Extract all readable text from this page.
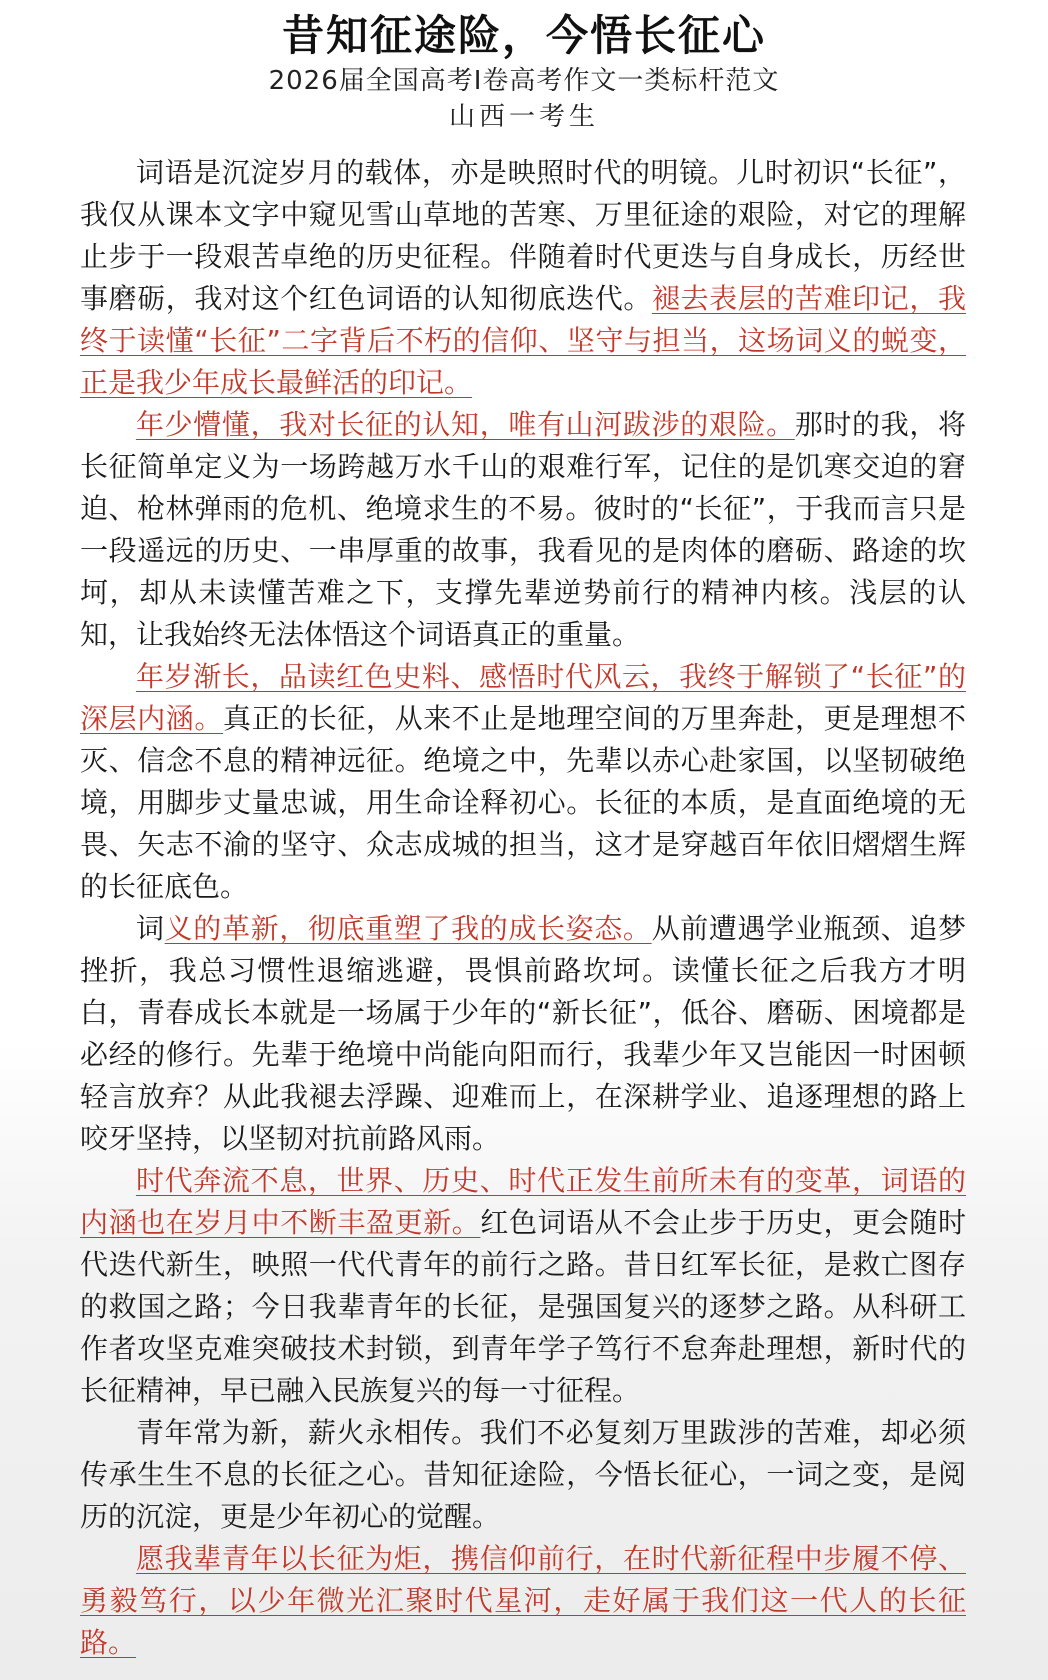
昔知征途险，今悟长征心
2026届全国高考I卷高考作文一类标杆范文
山西一考生

词语是沉淀岁月的载体，亦是映照时代的明镜。儿时初识“长征”，我仅从课本文字中窥见雪山草地的苦寒、万里征途的艰险，对它的理解止步于一段艰苦卓绝的历史征程。伴随着时代更迭与自身成长，历经世事磨砺，我对这个红色词语的认知彻底迭代。褪去表层的苦难印记，我终于读懂“长征”二字背后不朽的信仰、坚守与担当，这场词义的蜕变，正是我少年成长最鲜活的印记。

年少懵懂，我对长征的认知，唯有山河跋涉的艰险。那时的我，将长征简单定义为一场跨越万水千山的艰难行军，记住的是饥寒交迫的窘迫、枪林弹雨的危机、绝境求生的不易。彼时的“长征”，于我而言只是一段遥远的历史、一串厚重的故事，我看见的是肉体的磨砺、路途的坎坷，却从未读懂苦难之下，支撑先辈逆势前行的精神内核。浅层的认知，让我始终无法体悟这个词语真正的重量。

年岁渐长，品读红色史料、感悟时代风云，我终于解锁了“长征”的深层内涵。真正的长征，从来不止是地理空间的万里奔赴，更是理想不灭、信念不息的精神远征。绝境之中，先辈以赤心赴家国，以坚韧破绝境，用脚步丈量忠诚，用生命诠释初心。长征的本质，是直面绝境的无畏、矢志不渝的坚守、众志成城的担当，这才是穿越百年依旧熠熠生辉的长征底色。

词义的革新，彻底重塑了我的成长姿态。从前遭遇学业瓶颈、追梦挫折，我总习惯性退缩逃避，畏惧前路坎坷。读懂长征之后我方才明白，青春成长本就是一场属于少年的“新长征”，低谷、磨砺、困境都是必经的修行。先辈于绝境中尚能向阳而行，我辈少年又岂能因一时困顿轻言放弃？从此我褪去浮躁、迎难而上，在深耕学业、追逐理想的路上咬牙坚持，以坚韧对抗前路风雨。

时代奔流不息，世界、历史、时代正发生前所未有的变革，词语的内涵也在岁月中不断丰盈更新。红色词语从不会止步于历史，更会随时代迭代新生，映照一代代青年的前行之路。昔日红军长征，是救亡图存的救国之路；今日我辈青年的长征，是强国复兴的逐梦之路。从科研工作者攻坚克难突破技术封锁，到青年学子笃行不怠奔赴理想，新时代的长征精神，早已融入民族复兴的每一寸征程。

青年常为新，薪火永相传。我们不必复刻万里跋涉的苦难，却必须传承生生不息的长征之心。昔知征途险，今悟长征心，一词之变，是阅历的沉淀，更是少年初心的觉醒。

愿我辈青年以长征为炬，携信仰前行，在时代新征程中步履不停、勇毅笃行，以少年微光汇聚时代星河，走好属于我们这一代人的长征路。
